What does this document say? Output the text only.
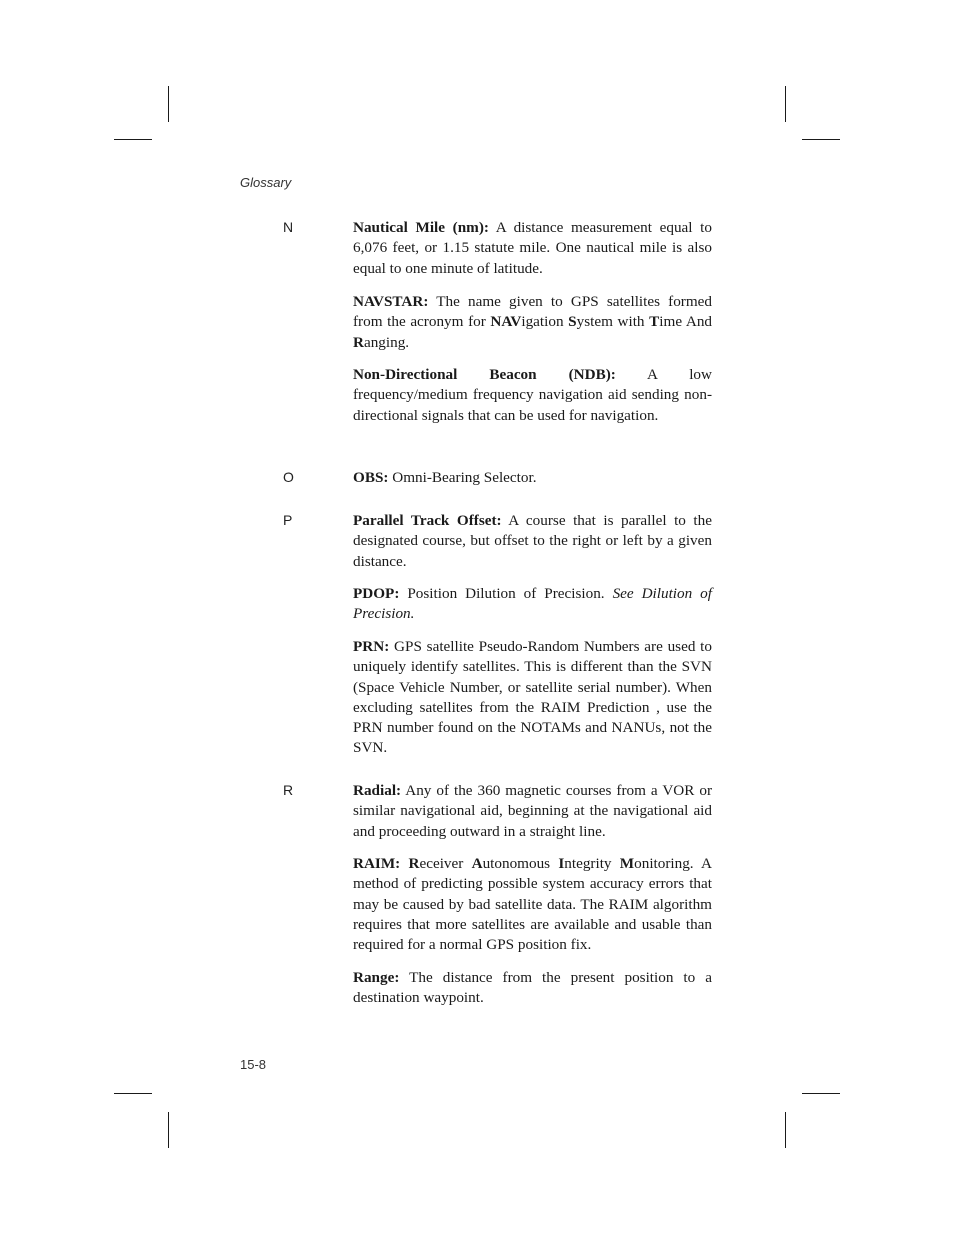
Glossary
N	Nautical Mile (nm): A distance measurement equal to 6,076 feet, or 1.15 statute mile. One nautical mile is also equal to one minute of latitude.

NAVSTAR: The name given to GPS satellites formed from the acronym for NAVigation System with Time And Ranging.

Non-Directional Beacon (NDB): A low frequency/medium frequency navigation aid sending non-directional signals that can be used for navigation.

O	OBS: Omni-Bearing Selector.

P	Parallel Track Offset: A course that is parallel to the designated course, but offset to the right or left by a given distance.

PDOP: Position Dilution of Precision. See Dilution of Precision.

PRN: GPS satellite Pseudo-Random Numbers are used to uniquely identify satellites. This is different than the SVN (Space Vehicle Number, or satellite serial number). When excluding satellites from the RAIM Prediction , use the PRN number found on the NOTAMs and NANUs, not the SVN.

R	Radial: Any of the 360 magnetic courses from a VOR or similar navigational aid, beginning at the navigational aid and proceeding outward in a straight line.

RAIM: Receiver Autonomous Integrity Monitoring. A method of predicting possible system accuracy errors that may be caused by bad satellite data. The RAIM algorithm requires that more satellites are available and usable than required for a normal GPS position fix.

Range: The distance from the present position to a destination waypoint.

15-8
